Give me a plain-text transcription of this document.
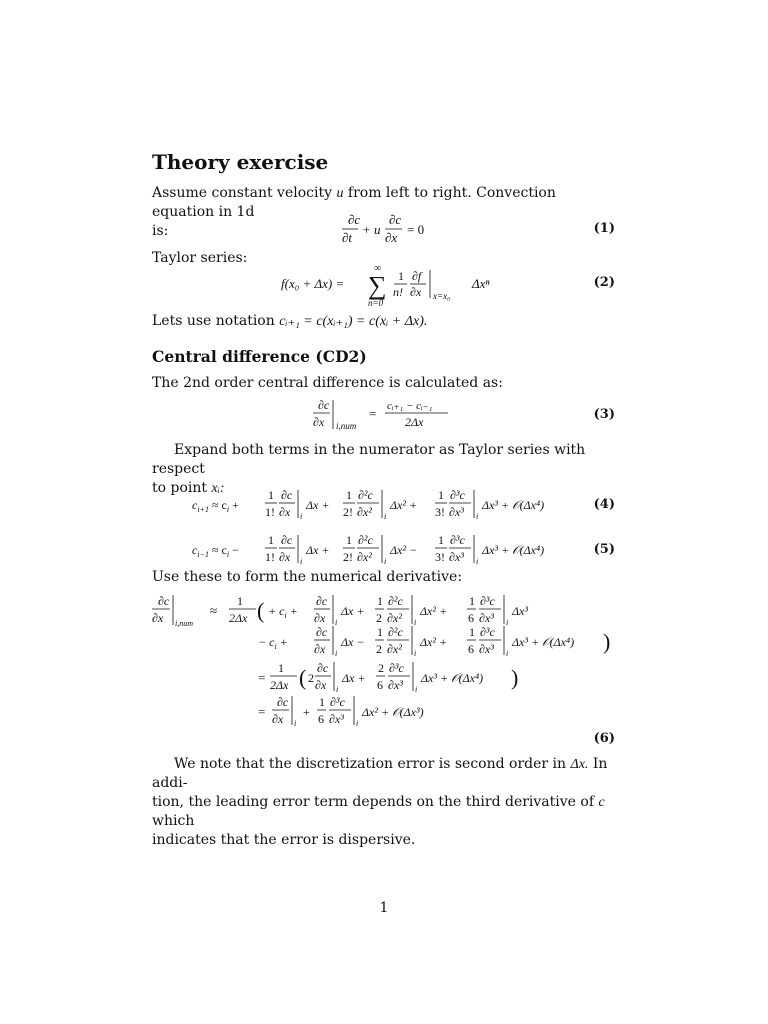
Theory exercise
Assume constant velocity u from left to right. Convection equation in 1d
is:
∂c
∂t
+ u
∂c
∂x
= 0	(1)
Taylor series:
f(x₀ + Δx) =
∞
∑
n=0
1
n!
∂f
∂x x=x₀
Δxⁿ	(2)
Lets use notation cᵢ₊₁ = c(xᵢ₊₁) = c(xᵢ + Δx).
Central difference (CD2)
The 2nd order central difference is calculated as:
∂c
∂x i,num
= cᵢ₊₁ − cᵢ₋₁
2Δx	(3)
Expand both terms in the numerator as Taylor series with respect
to point xᵢ:
$c_{i+1} \approx c_i$ +
1
1!
∂c
∂x i
Δx +
1
2!
∂²c
∂x² i
Δx² +
1
3!
∂³c
∂x³ i
Δx³ + 𝒪(Δx⁴)	(4)
$c_{i-1} \approx c_i$ −
1
1!
∂c
∂x i
Δx +
1
2!
∂²c
∂x² i
Δx² −
1
3!
∂³c
∂x³ i
Δx³ + 𝒪(Δx⁴)	(5)
Use these to form the numerical derivative:
∂c
∂x i,num
≈
1
2Δx ( + $c_i$ +
∂c
∂x i
Δx +
1
2
∂²c
∂x² i
Δx² +
1
6
∂³c
∂x³ i
Δx³
− $c_i$ +
∂c
∂x i
Δx −
1
2
∂²c
∂x² i
Δx² +
1
6
∂³c
∂x³ i
Δx³ + 𝒪(Δx⁴) )
=
1
2Δx ( 2
∂c
∂x i
Δx +
2
6
∂³c
∂x³ i
Δx³ + 𝒪(Δx⁴) )
=
∂c
∂x i
+
1
6
∂³c
∂x³ i
Δx² + 𝒪(Δx³)
(6)
We note that the discretization error is second order in Δx. In addi-
tion, the leading error term depends on the third derivative of c which
indicates that the error is dispersive.
1
